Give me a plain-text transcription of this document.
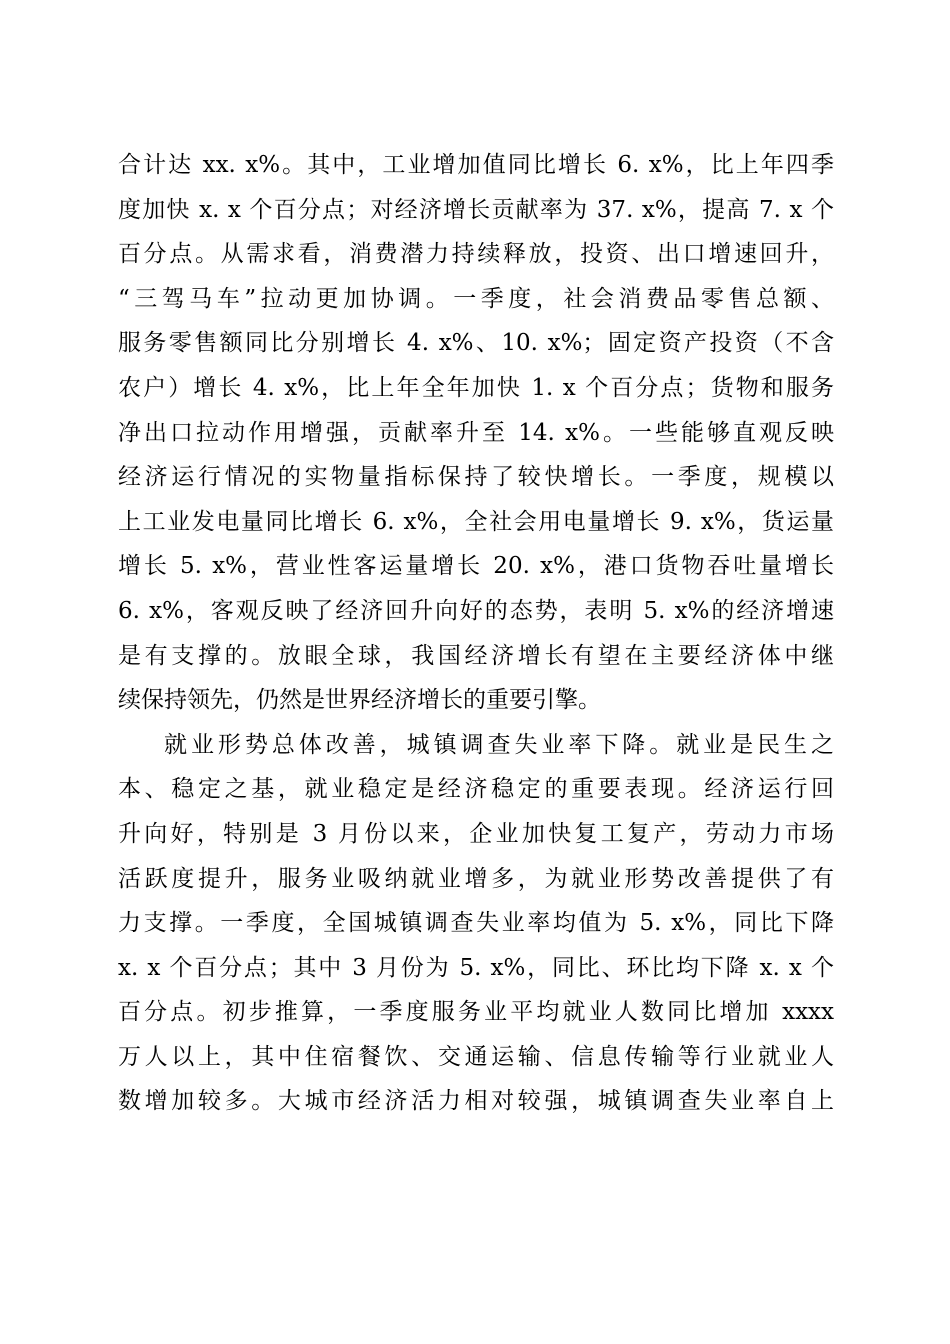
合计达 xx. x%。其中，工业增加值同比增长 6. x%，比上年四季
度加快 x. x 个百分点；对经济增长贡献率为 37. x%，提高 7. x 个
百分点。从需求看，消费潜力持续释放，投资、出口增速回升，
“三驾马车”拉动更加协调。一季度，社会消费品零售总额、
服务零售额同比分别增长 4. x%、10. x%；固定资产投资（不含
农户）增长 4. x%，比上年全年加快 1. x 个百分点；货物和服务
净出口拉动作用增强，贡献率升至 14. x%。一些能够直观反映
经济运行情况的实物量指标保持了较快增长。一季度，规模以
上工业发电量同比增长 6. x%，全社会用电量增长 9. x%，货运量
增长 5. x%，营业性客运量增长 20. x%，港口货物吞吐量增长
6. x%，客观反映了经济回升向好的态势，表明 5. x%的经济增速
是有支撑的。放眼全球，我国经济增长有望在主要经济体中继
续保持领先，仍然是世界经济增长的重要引擎。
就业形势总体改善，城镇调查失业率下降。就业是民生之
本、稳定之基，就业稳定是经济稳定的重要表现。经济运行回
升向好，特别是 3 月份以来，企业加快复工复产，劳动力市场
活跃度提升，服务业吸纳就业增多，为就业形势改善提供了有
力支撑。一季度，全国城镇调查失业率均值为 5. x%，同比下降
x. x 个百分点；其中 3 月份为 5. x%，同比、环比均下降 x. x 个
百分点。初步推算，一季度服务业平均就业人数同比增加 xxxx
万人以上，其中住宿餐饮、交通运输、信息传输等行业就业人
数增加较多。大城市经济活力相对较强，城镇调查失业率自上
